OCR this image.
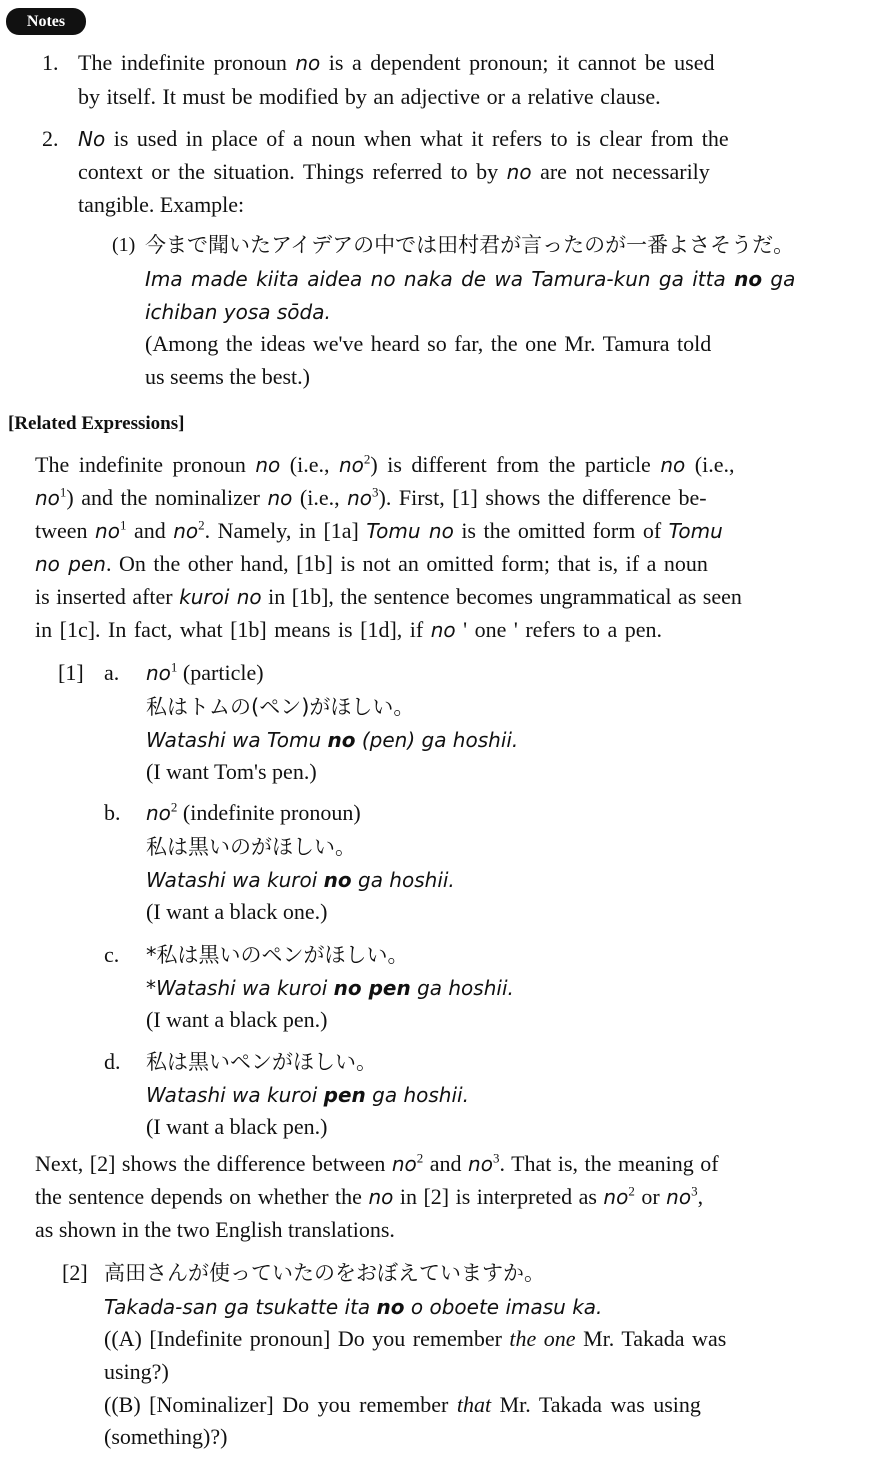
Notes
1. The indefinite pronoun no is a dependent pronoun; it cannot be used
by itself. It must be modified by an adjective or a relative clause.
2. No is used in place of a noun when what it refers to is clear from the
context or the situation. Things referred to by no are not necessarily
tangible. Example:
(1) 今まで聞いたアイデアの中では田村君が言ったのが一番よさそうだ。
Ima made kiita aidea no naka de wa Tamura-kun ga itta no ga
ichiban yosa sōda.
(Among the ideas we've heard so far, the one Mr. Tamura told
us seems the best.)
[Related Expressions]
The indefinite pronoun no (i.e., $no^2$) is different from the particle no (i.e.,
$no^1$) and the nominalizer no (i.e., $no^3$). First, [1] shows the difference be-
tween $no^1$ and $no^2$. Namely, in [1a] Tomu no is the omitted form of Tomu
no pen. On the other hand, [1b] is not an omitted form; that is, if a noun
is inserted after kuroi no in [1b], the sentence becomes ungrammatical as seen
in [1c]. In fact, what [1b] means is [1d], if no ' one ' refers to a pen.
[1] a. $no^1$ (particle)
私はトムの(ペン)がほしい。
Watashi wa Tomu no (pen) ga hoshii.
(I want Tom's pen.)
b. $no^2$ (indefinite pronoun)
私は黒いのがほしい。
Watashi wa kuroi no ga hoshii.
(I want a black one.)
c. *私は黒いのペンがほしい。
*Watashi wa kuroi no pen ga hoshii.
(I want a black pen.)
d. 私は黒いペンがほしい。
Watashi wa kuroi pen ga hoshii.
(I want a black pen.)
Next, [2] shows the difference between $no^2$ and $no^3$. That is, the meaning of
the sentence depends on whether the no in [2] is interpreted as $no^2$ or $no^3$,
as shown in the two English translations.
[2] 高田さんが使っていたのをおぼえていますか。
Takada-san ga tsukatte ita no o oboete imasu ka.
((A) [Indefinite pronoun] Do you remember the one Mr. Takada was
using?)
((B) [Nominalizer] Do you remember that Mr. Takada was using
(something)?)
